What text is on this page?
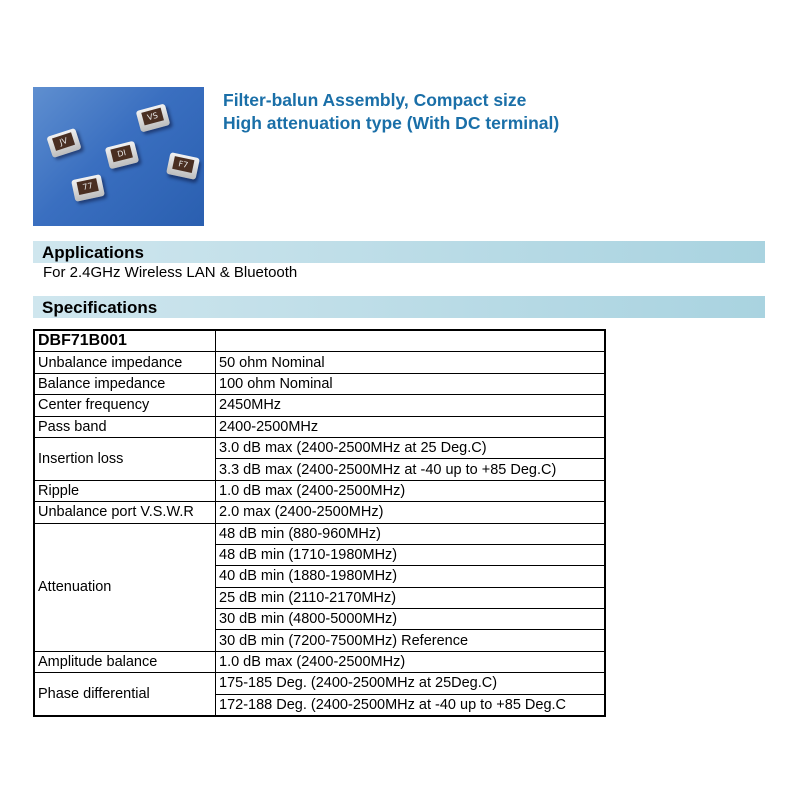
JV
VS
DI
F7
77
Filter-balun Assembly, Compact size
High attenuation type (With DC terminal)
Applications
For 2.4GHz Wireless LAN & Bluetooth
Specifications
DBF71B001	
Unbalance impedance	50 ohm Nominal
Balance impedance	100 ohm Nominal
Center frequency	2450MHz
Pass band	2400-2500MHz
Insertion loss	3.0 dB max (2400-2500MHz at 25 Deg.C)
	3.3 dB max (2400-2500MHz at -40 up to +85 Deg.C)
Ripple	1.0 dB max (2400-2500MHz)
Unbalance port V.S.W.R	2.0 max (2400-2500MHz)
Attenuation	48 dB min (880-960MHz)
	48 dB min (1710-1980MHz)
	40 dB min (1880-1980MHz)
	25 dB min (2110-2170MHz)
	30 dB min (4800-5000MHz)
	30 dB min (7200-7500MHz) Reference
Amplitude balance	1.0 dB max (2400-2500MHz)
Phase differential	175-185 Deg. (2400-2500MHz at 25Deg.C)
	172-188 Deg. (2400-2500MHz at -40 up to +85 Deg.C
